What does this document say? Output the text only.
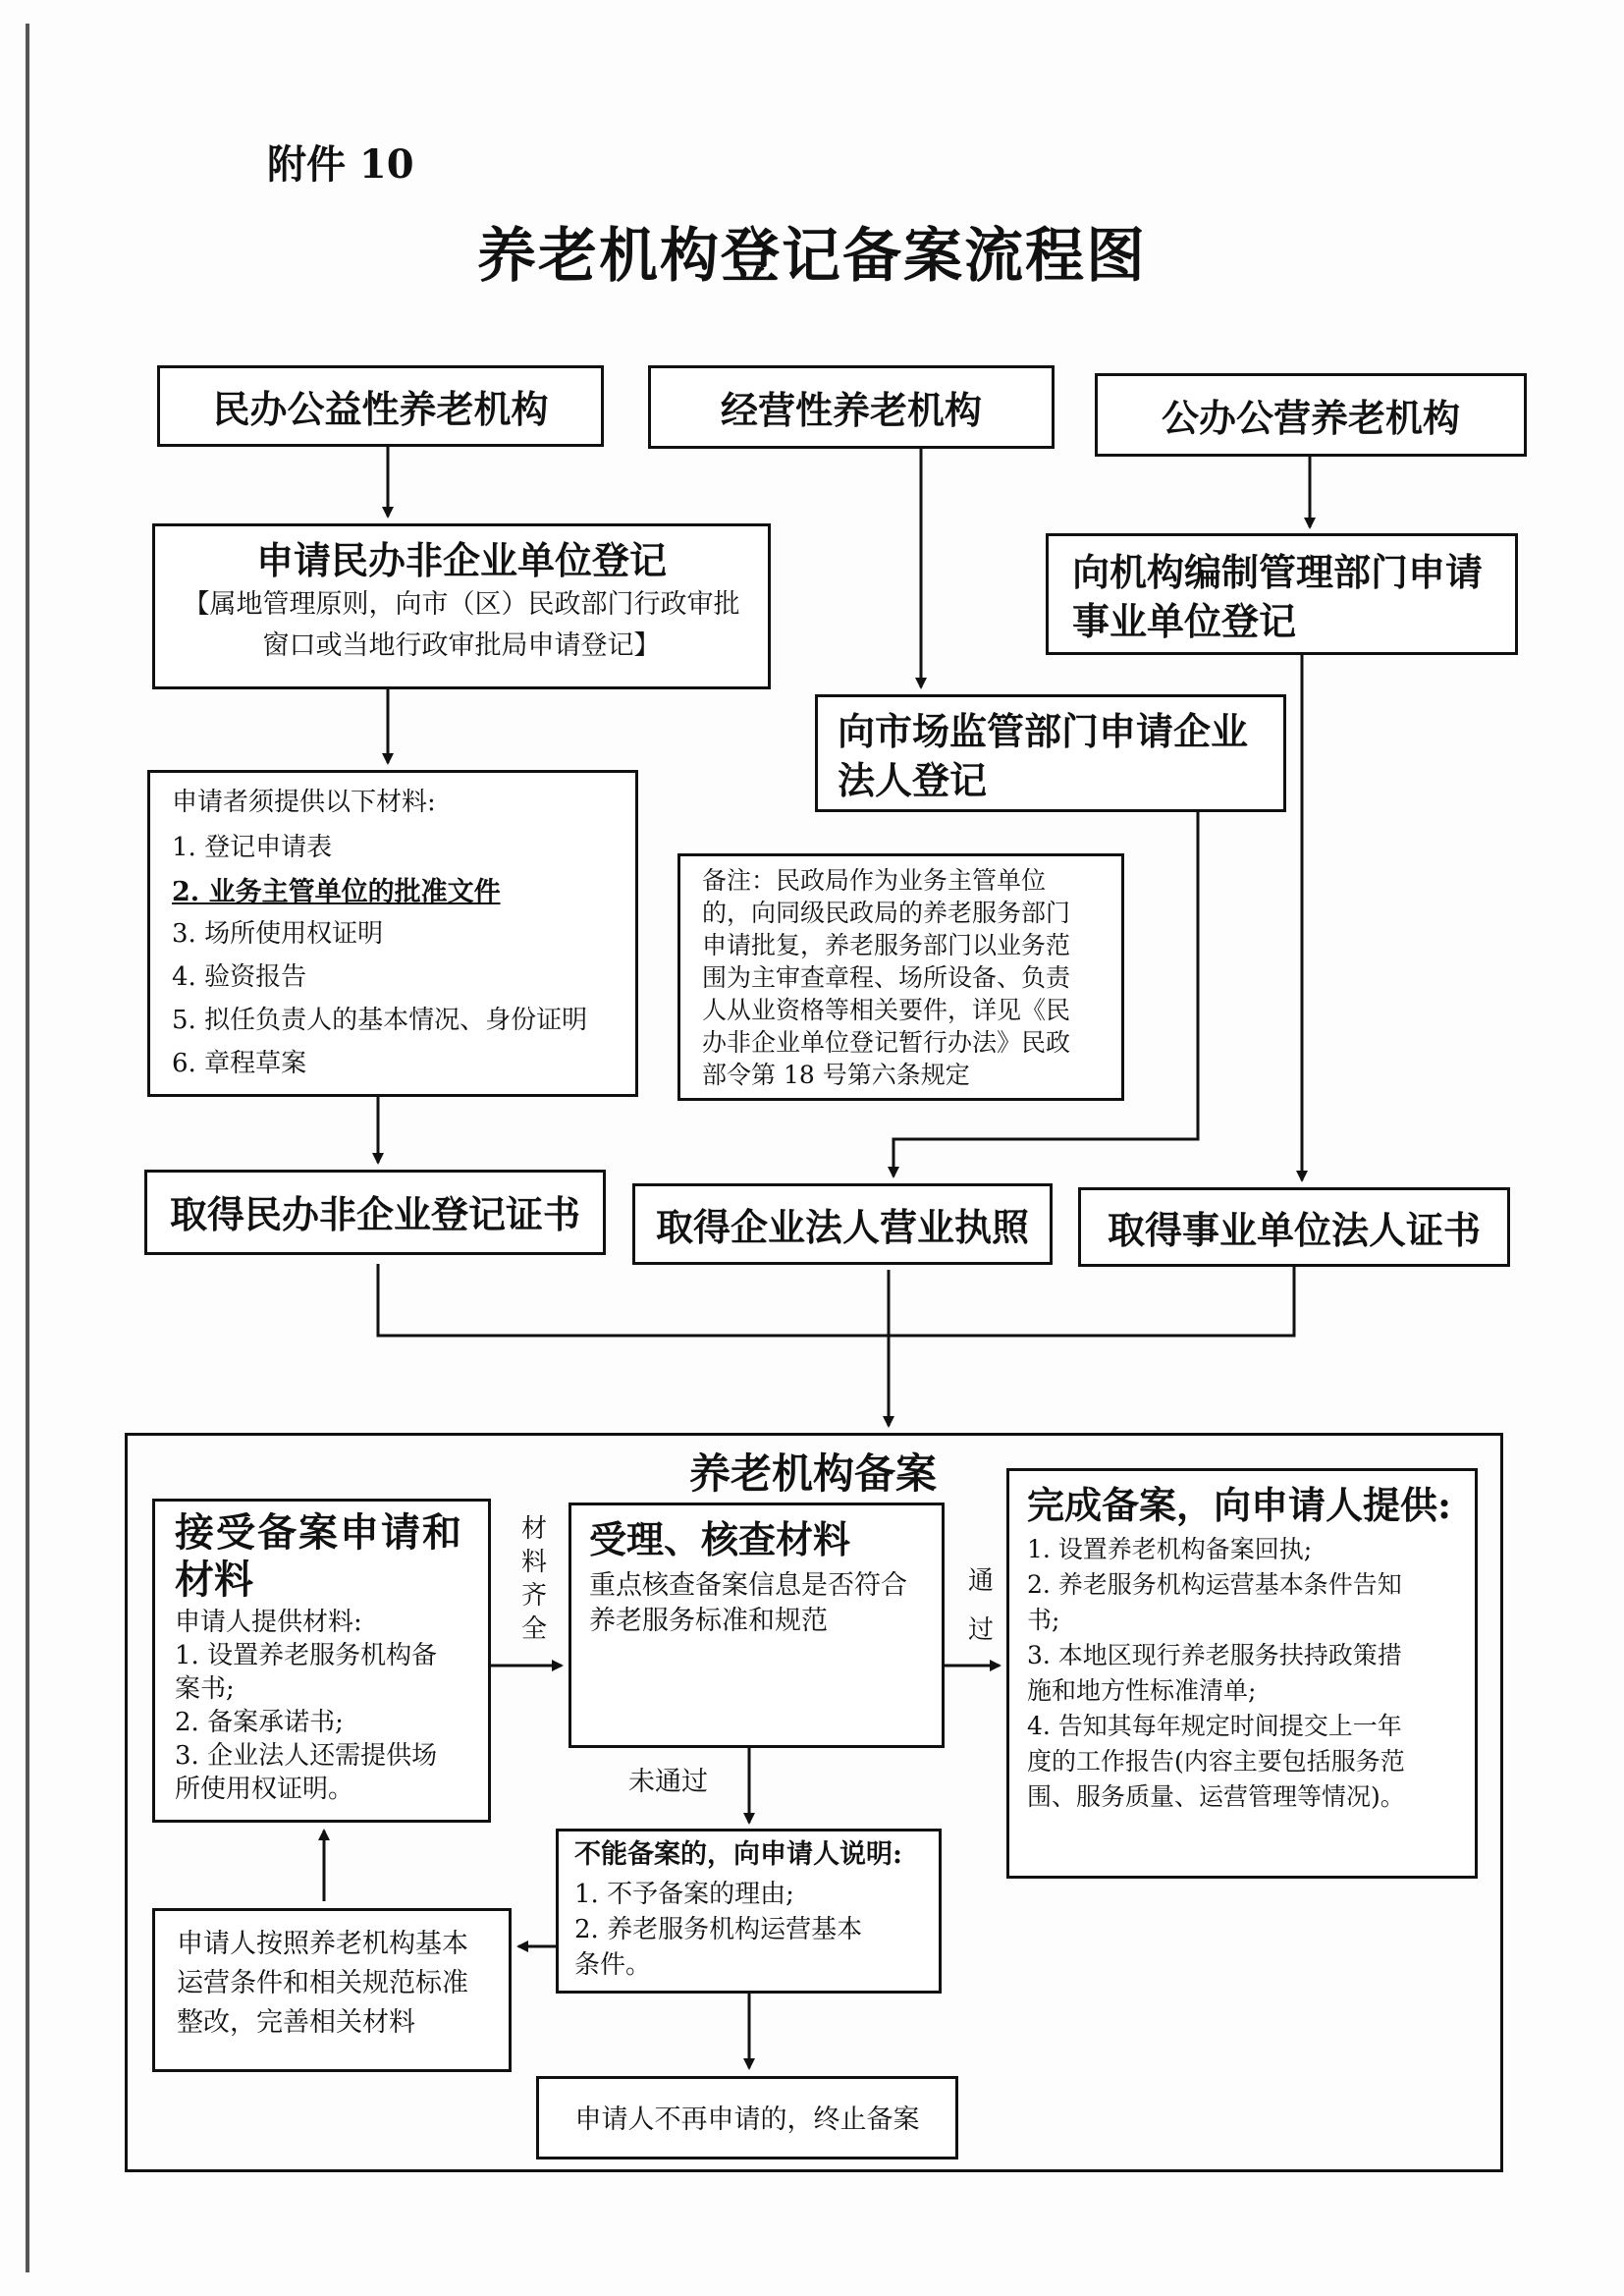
附件 10
养老机构登记备案流程图
民办公益性养老机构	经营性养老机构	公办公营养老机构
申请民办非企业单位登记
【属地管理原则，向市（区）民政部门行政审批
窗口或当地行政审批局申请登记】
向市场监管部门申请企业
法人登记
向机构编制管理部门申请
事业单位登记
申请者须提供以下材料:
1. 登记申请表
2. 业务主管单位的批准文件
3. 场所使用权证明
4. 验资报告
5. 拟任负责人的基本情况、身份证明
6. 章程草案
备注：民政局作为业务主管单位
的，向同级民政局的养老服务部门
申请批复，养老服务部门以业务范
围为主审查章程、场所设备、负责
人从业资格等相关要件，详见《民
办非企业单位登记暂行办法》民政
部令第 18 号第六条规定
取得民办非企业登记证书	取得企业法人营业执照	取得事业单位法人证书
养老机构备案
接受备案申请和
材料
申请人提供材料:
1. 设置养老服务机构备
案书;
2. 备案承诺书;
3. 企业法人还需提供场
所使用权证明。
材料齐全
通过
受理、核查材料
重点核查备案信息是否符合
养老服务标准和规范
完成备案，向申请人提供:
1. 设置养老机构备案回执;
2. 养老服务机构运营基本条件告知
书;
3. 本地区现行养老服务扶持政策措
施和地方性标准清单;
4. 告知其每年规定时间提交上一年
度的工作报告(内容主要包括服务范
围、服务质量、运营管理等情况)。
未通过
不能备案的，向申请人说明:
1. 不予备案的理由;
2. 养老服务机构运营基本
条件。
申请人按照养老机构基本
运营条件和相关规范标准
整改，完善相关材料
申请人不再申请的，终止备案
